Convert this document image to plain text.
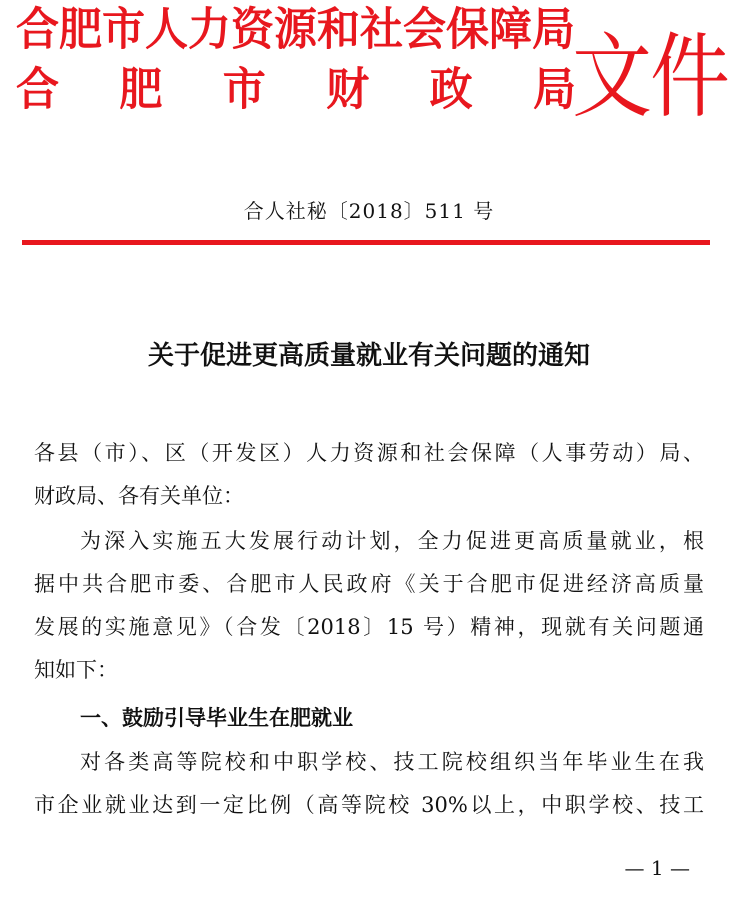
合肥市人力资源和社会保障局
合 肥 市 财 政 局
文件
合人社秘〔2018〕511 号
关于促进更高质量就业有关问题的通知
各县（市）、区（开发区）人力资源和社会保障（人事劳动）局、
财政局、各有关单位：
为深入实施五大发展行动计划，全力促进更高质量就业，根
据中共合肥市委、合肥市人民政府《关于合肥市促进经济高质量
发展的实施意见》（合发〔2018〕15 号）精神，现就有关问题通
知如下：
一、鼓励引导毕业生在肥就业
对各类高等院校和中职学校、技工院校组织当年毕业生在我
市企业就业达到一定比例（高等院校 30%以上，中职学校、技工
— 1 —
